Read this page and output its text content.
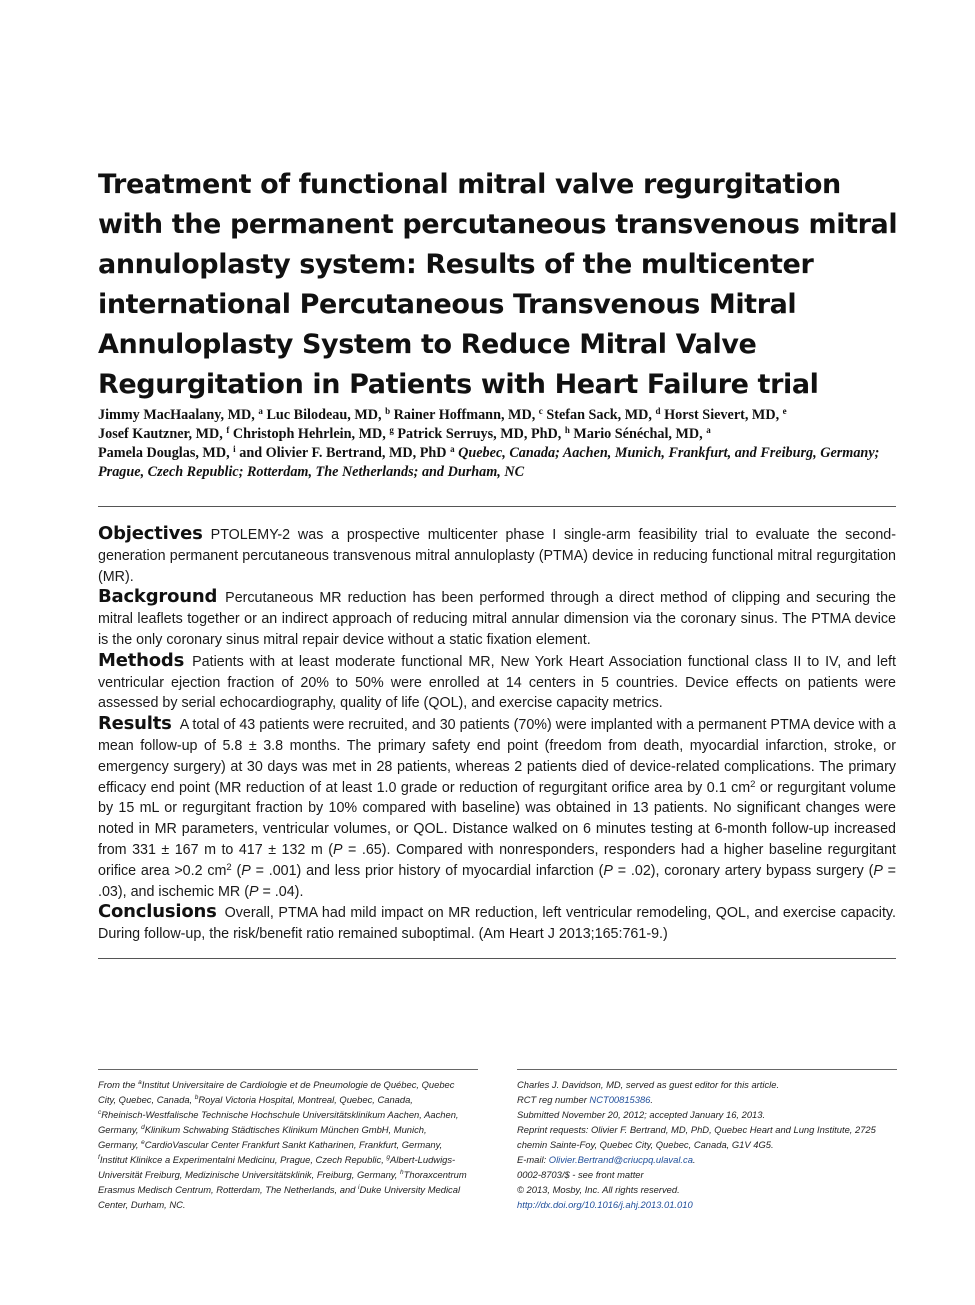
Treatment of functional mitral valve regurgitation with the permanent percutaneous transvenous mitral annuloplasty system: Results of the multicenter international Percutaneous Transvenous Mitral Annuloplasty System to Reduce Mitral Valve Regurgitation in Patients with Heart Failure trial

Jimmy MacHaalany, MD, $^a$ Luc Bilodeau, MD, $^b$ Rainer Hoffmann, MD, $^c$ Stefan Sack, MD, $^d$ Horst Sievert, MD, $^e$
Josef Kautzner, MD, $^f$ Christoph Hehrlein, MD, $^g$ Patrick Serruys, MD, PhD, $^h$ Mario Sénéchal, MD, $^a$
Pamela Douglas, MD, $^i$ and Olivier F. Bertrand, MD, PhD $^a$ Quebec, Canada; Aachen, Munich, Frankfurt, and Freiburg, Germany; Prague, Czech Republic; Rotterdam, The Netherlands; and Durham, NC

Objectives PTOLEMY-2 was a prospective multicenter phase I single-arm feasibility trial to evaluate the second-generation permanent percutaneous transvenous mitral annuloplasty (PTMA) device in reducing functional mitral regurgitation (MR).

Background Percutaneous MR reduction has been performed through a direct method of clipping and securing the mitral leaflets together or an indirect approach of reducing mitral annular dimension via the coronary sinus. The PTMA device is the only coronary sinus mitral repair device without a static fixation element.

Methods Patients with at least moderate functional MR, New York Heart Association functional class II to IV, and left ventricular ejection fraction of 20% to 50% were enrolled at 14 centers in 5 countries. Device effects on patients were assessed by serial echocardiography, quality of life (QOL), and exercise capacity metrics.

Results A total of 43 patients were recruited, and 30 patients (70%) were implanted with a permanent PTMA device with a mean follow-up of 5.8 ± 3.8 months. The primary safety end point (freedom from death, myocardial infarction, stroke, or emergency surgery) at 30 days was met in 28 patients, whereas 2 patients died of device-related complications. The primary efficacy end point (MR reduction of at least 1.0 grade or reduction of regurgitant orifice area by 0.1 $cm^2$ or regurgitant volume by 15 mL or regurgitant fraction by 10% compared with baseline) was obtained in 13 patients. No significant changes were noted in MR parameters, ventricular volumes, or QOL. Distance walked on 6 minutes testing at 6-month follow-up increased from 331 ± 167 m to 417 ± 132 m (P = .65). Compared with nonresponders, responders had a higher baseline regurgitant orifice area >0.2 $cm^2$ (P = .001) and less prior history of myocardial infarction (P = .02), coronary artery bypass surgery (P = .03), and ischemic MR (P = .04).

Conclusions Overall, PTMA had mild impact on MR reduction, left ventricular remodeling, QOL, and exercise capacity. During follow-up, the risk/benefit ratio remained suboptimal. (Am Heart J 2013;165:761-9.)

From the $^a$Institut Universitaire de Cardiologie et de Pneumologie de Québec, Quebec
City, Quebec, Canada, $^b$Royal Victoria Hospital, Montreal, Quebec, Canada,
$^c$Rheinisch-Westfalische Technische Hochschule Universitätsklinikum Aachen, Aachen,
Germany, $^d$Klinikum Schwabing Städtisches Klinikum München GmbH, Munich,
Germany, $^e$CardioVascular Center Frankfurt Sankt Katharinen, Frankfurt, Germany,
$^f$Institut Klinikce a Experimentalni Medicinu, Prague, Czech Republic, $^g$Albert-Ludwigs-
Universität Freiburg, Medizinische Universitätsklinik, Freiburg, Germany, $^h$Thoraxcentrum
Erasmus Medisch Centrum, Rotterdam, The Netherlands, and $^i$Duke University Medical
Center, Durham, NC.
Charles J. Davidson, MD, served as guest editor for this article.
RCT reg number NCT00815386.
Submitted November 20, 2012; accepted January 16, 2013.
Reprint requests: Olivier F. Bertrand, MD, PhD, Quebec Heart and Lung Institute, 2725
chemin Sainte-Foy, Quebec City, Quebec, Canada, G1V 4G5.
E-mail: Olivier.Bertrand@criucpq.ulaval.ca.
0002-8703/$ - see front matter
© 2013, Mosby, Inc. All rights reserved.
http://dx.doi.org/10.1016/j.ahj.2013.01.010
